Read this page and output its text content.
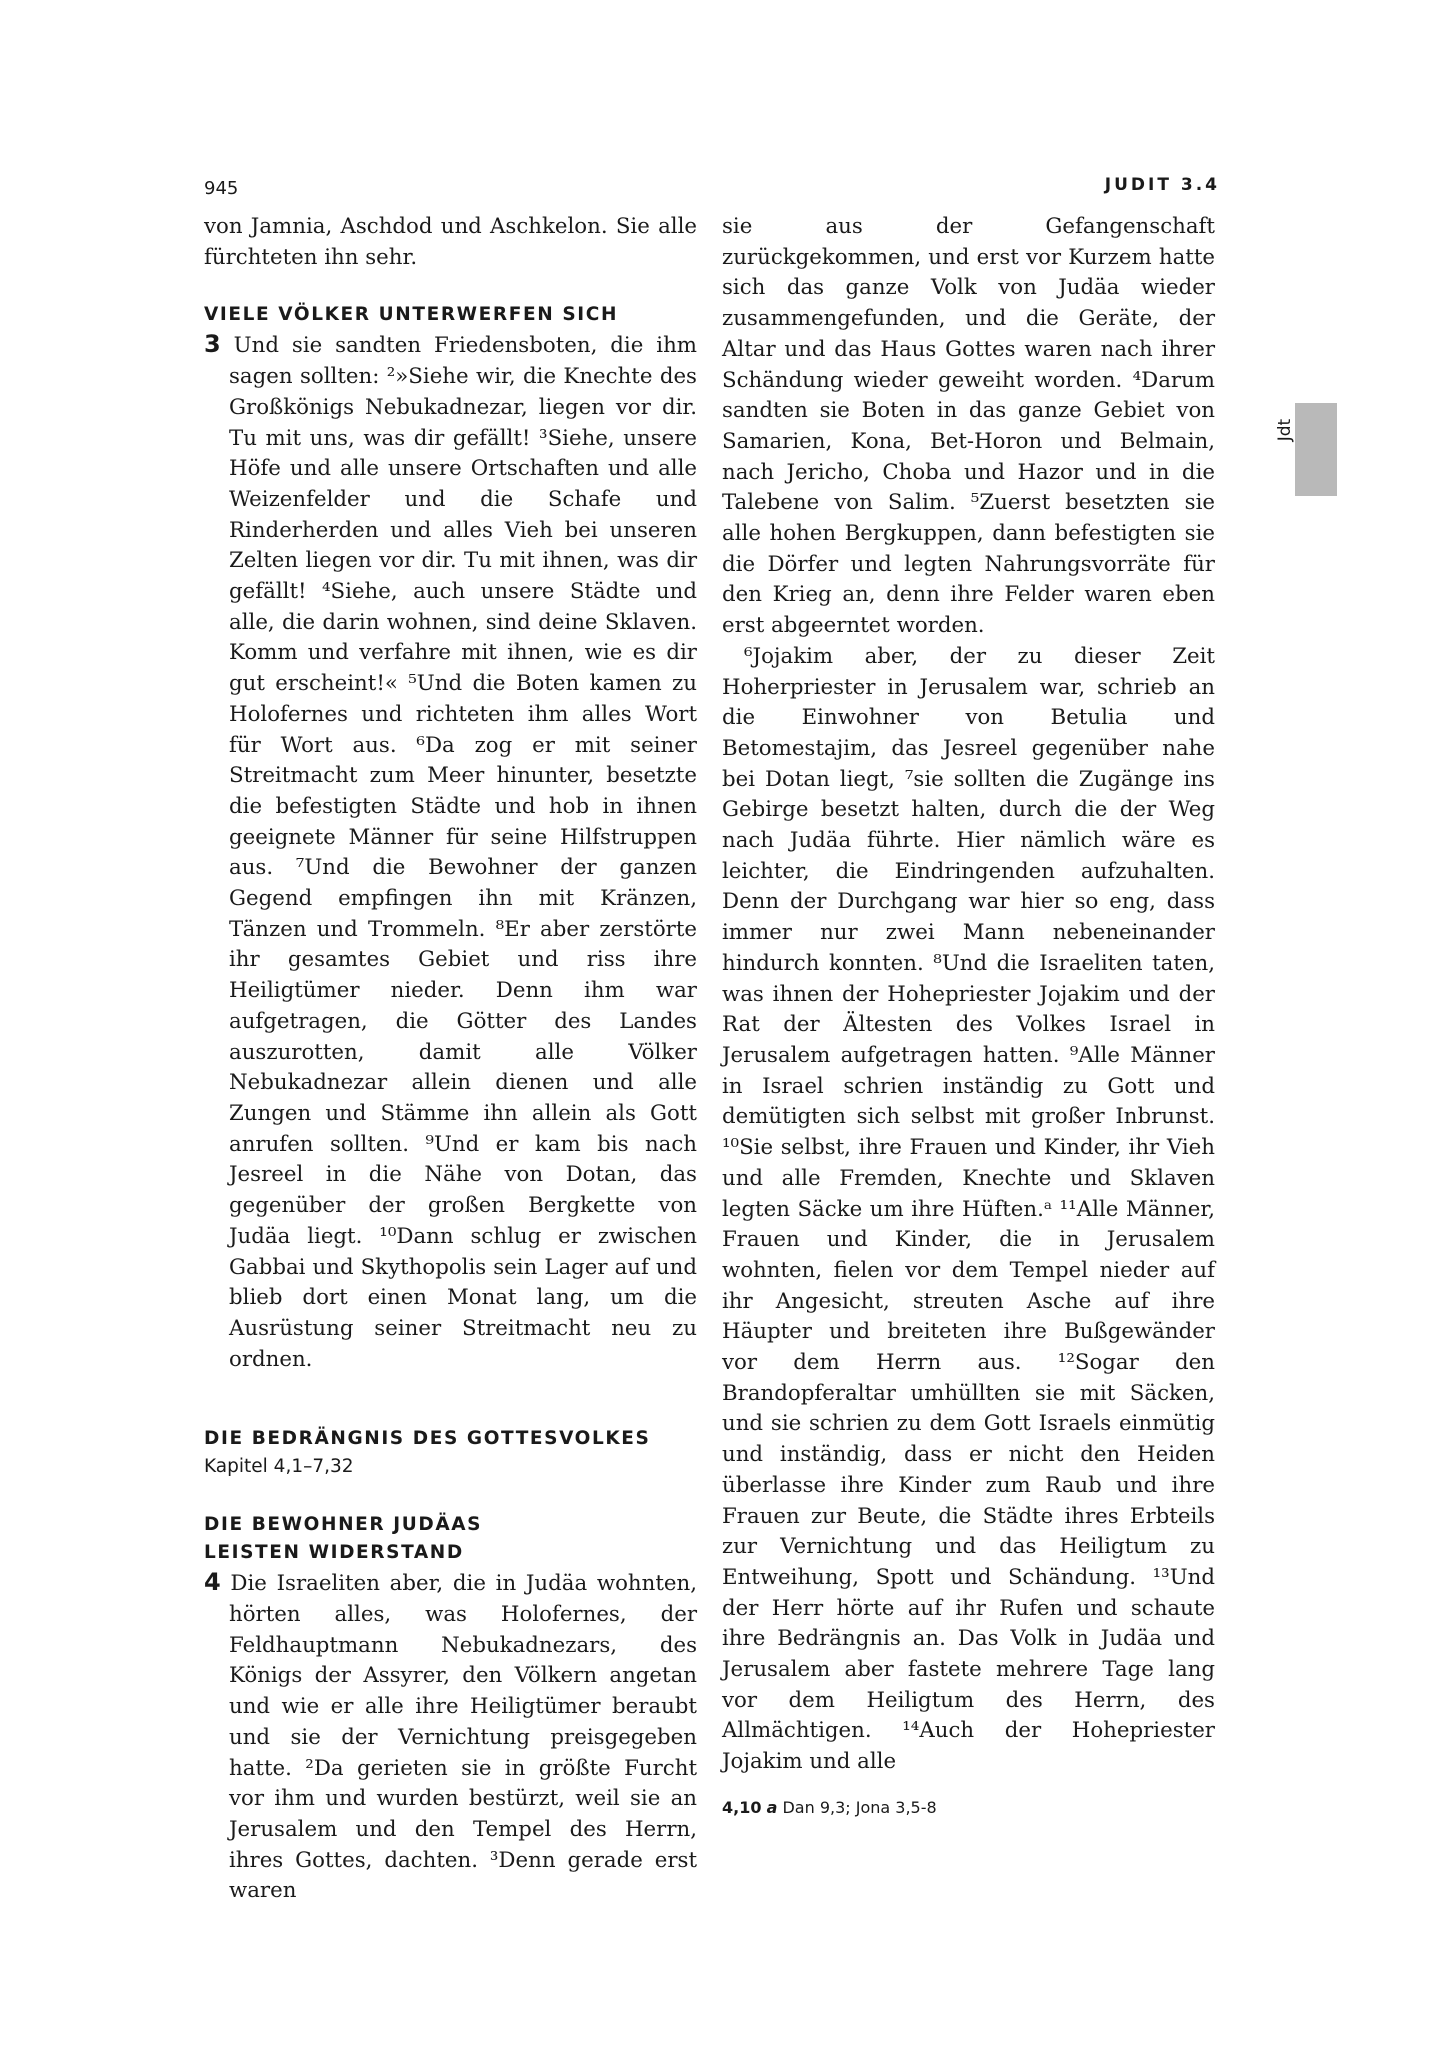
945	JUDIT 3.4
Jdt

von Jamnia, Aschdod und Aschkelon. Sie alle fürchteten ihn sehr.

VIELE VÖLKER UNTERWERFEN SICH

3 Und sie sandten Friedensboten, die ihm sagen sollten: ²»Siehe wir, die Knechte des Großkönigs Nebukadnezar, liegen vor dir. Tu mit uns, was dir gefällt! ³Siehe, unsere Höfe und alle unsere Ortschaften und alle Weizenfelder und die Schafe und Rinderherden und alles Vieh bei unseren Zelten liegen vor dir. Tu mit ihnen, was dir gefällt! ⁴Siehe, auch unsere Städte und alle, die darin wohnen, sind deine Sklaven. Komm und verfahre mit ihnen, wie es dir gut erscheint!« ⁵Und die Boten kamen zu Holofernes und richteten ihm alles Wort für Wort aus. ⁶Da zog er mit seiner Streitmacht zum Meer hinunter, besetzte die befestigten Städte und hob in ihnen geeignete Männer für seine Hilfstruppen aus. ⁷Und die Bewohner der ganzen Gegend empfingen ihn mit Kränzen, Tänzen und Trommeln. ⁸Er aber zerstörte ihr gesamtes Gebiet und riss ihre Heiligtümer nieder. Denn ihm war aufgetragen, die Götter des Landes auszurotten, damit alle Völker Nebukadnezar allein dienen und alle Zungen und Stämme ihn allein als Gott anrufen sollten. ⁹Und er kam bis nach Jesreel in die Nähe von Dotan, das gegenüber der großen Bergkette von Judäa liegt. ¹⁰Dann schlug er zwischen Gabbai und Skythopolis sein Lager auf und blieb dort einen Monat lang, um die Ausrüstung seiner Streitmacht neu zu ordnen.

DIE BEDRÄNGNIS DES GOTTESVOLKES

Kapitel 4,1–7,32

DIE BEWOHNER JUDÄAS

LEISTEN WIDERSTAND

4 Die Israeliten aber, die in Judäa wohnten, hörten alles, was Holofernes, der Feldhauptmann Nebukadnezars, des Königs der Assyrer, den Völkern angetan und wie er alle ihre Heiligtümer beraubt und sie der Vernichtung preisgegeben hatte. ²Da gerieten sie in größte Furcht vor ihm und wurden bestürzt, weil sie an Jerusalem und den Tempel des Herrn, ihres Gottes, dachten. ³Denn gerade erst waren

sie aus der Gefangenschaft zurückgekommen, und erst vor Kurzem hatte sich das ganze Volk von Judäa wieder zusammengefunden, und die Geräte, der Altar und das Haus Gottes waren nach ihrer Schändung wieder geweiht worden. ⁴Darum sandten sie Boten in das ganze Gebiet von Samarien, Kona, Bet-Horon und Belmain, nach Jericho, Choba und Hazor und in die Talebene von Salim. ⁵Zuerst besetzten sie alle hohen Bergkuppen, dann befestigten sie die Dörfer und legten Nahrungsvorräte für den Krieg an, denn ihre Felder waren eben erst abgeerntet worden.

⁶Jojakim aber, der zu dieser Zeit Hoherpriester in Jerusalem war, schrieb an die Einwohner von Betulia und Betomestajim, das Jesreel gegenüber nahe bei Dotan liegt, ⁷sie sollten die Zugänge ins Gebirge besetzt halten, durch die der Weg nach Judäa führte. Hier nämlich wäre es leichter, die Eindringenden aufzuhalten. Denn der Durchgang war hier so eng, dass immer nur zwei Mann nebeneinander hindurch konnten. ⁸Und die Israeliten taten, was ihnen der Hohepriester Jojakim und der Rat der Ältesten des Volkes Israel in Jerusalem aufgetragen hatten. ⁹Alle Männer in Israel schrien inständig zu Gott und demütigten sich selbst mit großer Inbrunst. ¹⁰Sie selbst, ihre Frauen und Kinder, ihr Vieh und alle Fremden, Knechte und Sklaven legten Säcke um ihre Hüften.ᵃ ¹¹Alle Männer, Frauen und Kinder, die in Jerusalem wohnten, fielen vor dem Tempel nieder auf ihr Angesicht, streuten Asche auf ihre Häupter und breiteten ihre Bußgewänder vor dem Herrn aus. ¹²Sogar den Brandopferaltar umhüllten sie mit Säcken, und sie schrien zu dem Gott Israels einmütig und inständig, dass er nicht den Heiden überlasse ihre Kinder zum Raub und ihre Frauen zur Beute, die Städte ihres Erbteils zur Vernichtung und das Heiligtum zu Entweihung, Spott und Schändung. ¹³Und der Herr hörte auf ihr Rufen und schaute ihre Bedrängnis an. Das Volk in Judäa und Jerusalem aber fastete mehrere Tage lang vor dem Heiligtum des Herrn, des Allmächtigen. ¹⁴Auch der Hohepriester Jojakim und alle

4,10 a Dan 9,3; Jona 3,5-8
